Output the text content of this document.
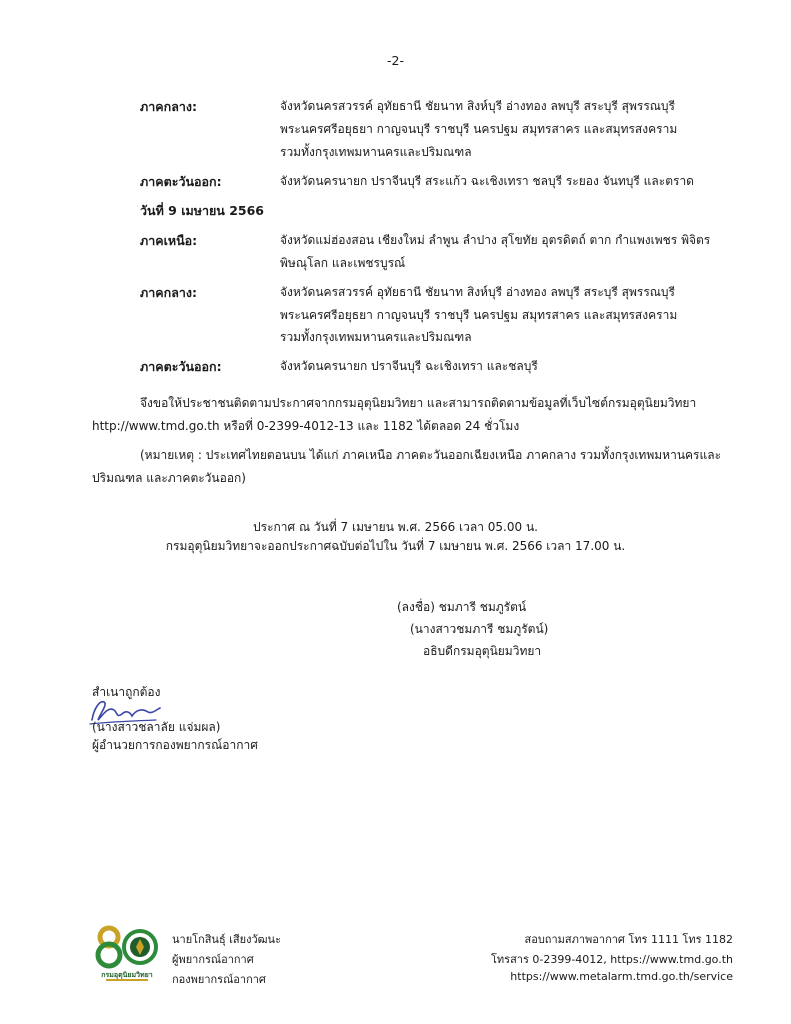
-2-
ภาคกลาง:	จังหวัดนครสวรรค์ อุทัยธานี ชัยนาท สิงห์บุรี อ่างทอง ลพบุรี สระบุรี สุพรรณบุรี
พระนครศรีอยุธยา กาญจนบุรี ราชบุรี นครปฐม สมุทรสาคร และสมุทรสงคราม
รวมทั้งกรุงเทพมหานครและปริมณฑล
ภาคตะวันออก:	จังหวัดนครนายก ปราจีนบุรี สระแก้ว ฉะเชิงเทรา ชลบุรี ระยอง จันทบุรี และตราด
วันที่ 9 เมษายน 2566
ภาคเหนือ:	จังหวัดแม่ฮ่องสอน เชียงใหม่ ลำพูน ลำปาง สุโขทัย อุตรดิตถ์ ตาก กำแพงเพชร พิจิตร
พิษณุโลก และเพชรบูรณ์
ภาคกลาง:	จังหวัดนครสวรรค์ อุทัยธานี ชัยนาท สิงห์บุรี อ่างทอง ลพบุรี สระบุรี สุพรรณบุรี
พระนครศรีอยุธยา กาญจนบุรี ราชบุรี นครปฐม สมุทรสาคร และสมุทรสงคราม
รวมทั้งกรุงเทพมหานครและปริมณฑล
ภาคตะวันออก:	จังหวัดนครนายก ปราจีนบุรี ฉะเชิงเทรา และชลบุรี
จึงขอให้ประชาชนติดตามประกาศจากกรมอุตุนิยมวิทยา และสามารถติดตามข้อมูลที่เว็บไซต์กรมอุตุนิยมวิทยา
http://www.tmd.go.th หรือที่ 0-2399-4012-13 และ 1182 ได้ตลอด 24 ชั่วโมง
(หมายเหตุ : ประเทศไทยตอนบน ได้แก่ ภาคเหนือ ภาคตะวันออกเฉียงเหนือ ภาคกลาง รวมทั้งกรุงเทพมหานครและ
ปริมณฑล และภาคตะวันออก)
ประกาศ ณ วันที่ 7 เมษายน พ.ศ. 2566 เวลา 05.00 น.
กรมอุตุนิยมวิทยาจะออกประกาศฉบับต่อไปใน วันที่ 7 เมษายน พ.ศ. 2566 เวลา 17.00 น.
(ลงชื่อ) ชมภารี ชมภูรัตน์
(นางสาวชมภารี ชมภูรัตน์)
อธิบดีกรมอุตุนิยมวิทยา
สำเนาถูกต้อง
(นางสาวชลาลัย แจ่มผล)
ผู้อำนวยการกองพยากรณ์อากาศ
กรมอุตุนิยมวิทยา
นายโกสินธุ์ เสียงวัฒนะ
ผู้พยากรณ์อากาศ
กองพยากรณ์อากาศ
สอบถามสภาพอากาศ โทร 1111 โทร 1182
โทรสาร 0-2399-4012, https://www.tmd.go.th
https://www.metalarm.tmd.go.th/service
